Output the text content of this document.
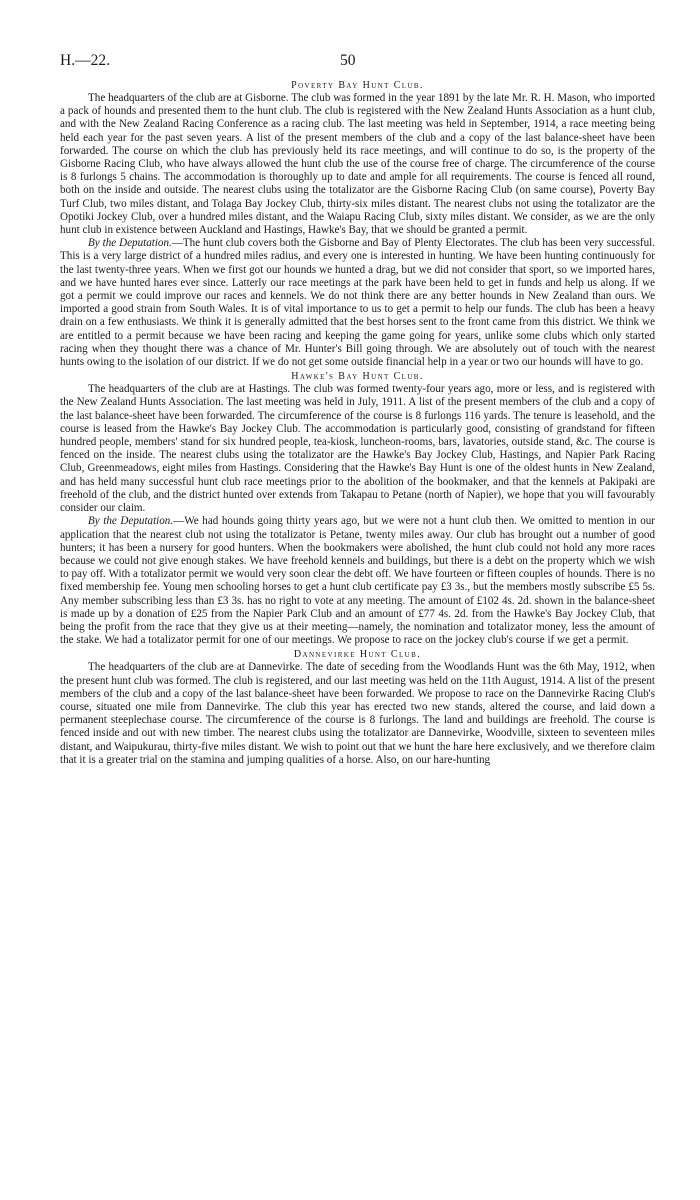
H.—22.	50
Poverty Bay Hunt Club.

The headquarters of the club are at Gisborne. The club was formed in the year 1891 by the late Mr. R. H. Mason, who imported a pack of hounds and presented them to the hunt club. The club is registered with the New Zealand Hunts Association as a hunt club, and with the New Zealand Racing Conference as a racing club. The last meeting was held in September, 1914, a race meeting being held each year for the past seven years. A list of the present members of the club and a copy of the last balance-sheet have been forwarded. The course on which the club has previously held its race meetings, and will continue to do so, is the property of the Gisborne Racing Club, who have always allowed the hunt club the use of the course free of charge. The circumference of the course is 8 furlongs 5 chains. The accommodation is thoroughly up to date and ample for all requirements. The course is fenced all round, both on the inside and outside. The nearest clubs using the totalizator are the Gisborne Racing Club (on same course), Poverty Bay Turf Club, two miles distant, and Tolaga Bay Jockey Club, thirty-six miles distant. The nearest clubs not using the totalizator are the Opotiki Jockey Club, over a hundred miles distant, and the Waiapu Racing Club, sixty miles distant. We consider, as we are the only hunt club in existence between Auckland and Hastings, Hawke's Bay, that we should be granted a permit.

By the Deputation.—The hunt club covers both the Gisborne and Bay of Plenty Electorates. The club has been very successful. This is a very large district of a hundred miles radius, and every one is interested in hunting. We have been hunting continuously for the last twenty-three years. When we first got our hounds we hunted a drag, but we did not consider that sport, so we imported hares, and we have hunted hares ever since. Latterly our race meetings at the park have been held to get in funds and help us along. If we got a permit we could improve our races and kennels. We do not think there are any better hounds in New Zealand than ours. We imported a good strain from South Wales. It is of vital importance to us to get a permit to help our funds. The club has been a heavy drain on a few enthusiasts. We think it is generally admitted that the best horses sent to the front came from this district. We think we are entitled to a permit because we have been racing and keeping the game going for years, unlike some clubs which only started racing when they thought there was a chance of Mr. Hunter's Bill going through. We are absolutely out of touch with the nearest hunts owing to the isolation of our district. If we do not get some outside financial help in a year or two our hounds will have to go.

Hawke's Bay Hunt Club.

The headquarters of the club are at Hastings. The club was formed twenty-four years ago, more or less, and is registered with the New Zealand Hunts Association. The last meeting was held in July, 1911. A list of the present members of the club and a copy of the last balance-sheet have been forwarded. The circumference of the course is 8 furlongs 116 yards. The tenure is leasehold, and the course is leased from the Hawke's Bay Jockey Club. The accommodation is particularly good, consisting of grandstand for fifteen hundred people, members' stand for six hundred people, tea-kiosk, luncheon-rooms, bars, lavatories, outside stand, &c. The course is fenced on the inside. The nearest clubs using the totalizator are the Hawke's Bay Jockey Club, Hastings, and Napier Park Racing Club, Greenmeadows, eight miles from Hastings. Considering that the Hawke's Bay Hunt is one of the oldest hunts in New Zealand, and has held many successful hunt club race meetings prior to the abolition of the bookmaker, and that the kennels at Pakipaki are freehold of the club, and the district hunted over extends from Takapau to Petane (north of Napier), we hope that you will favourably consider our claim.

By the Deputation.—We had hounds going thirty years ago, but we were not a hunt club then. We omitted to mention in our application that the nearest club not using the totalizator is Petane, twenty miles away. Our club has brought out a number of good hunters; it has been a nursery for good hunters. When the bookmakers were abolished, the hunt club could not hold any more races because we could not give enough stakes. We have freehold kennels and buildings, but there is a debt on the property which we wish to pay off. With a totalizator permit we would very soon clear the debt off. We have fourteen or fifteen couples of hounds. There is no fixed membership fee. Young men schooling horses to get a hunt club certificate pay £3 3s., but the members mostly subscribe £5 5s. Any member subscribing less than £3 3s. has no right to vote at any meeting. The amount of £102 4s. 2d. shown in the balance-sheet is made up by a donation of £25 from the Napier Park Club and an amount of £77 4s. 2d. from the Hawke's Bay Jockey Club, that being the profit from the race that they give us at their meeting—namely, the nomination and totalizator money, less the amount of the stake. We had a totalizator permit for one of our meetings. We propose to race on the jockey club's course if we get a permit.

Dannevirke Hunt Club.

The headquarters of the club are at Dannevirke. The date of seceding from the Woodlands Hunt was the 6th May, 1912, when the present hunt club was formed. The club is registered, and our last meeting was held on the 11th August, 1914. A list of the present members of the club and a copy of the last balance-sheet have been forwarded. We propose to race on the Dannevirke Racing Club's course, situated one mile from Dannevirke. The club this year has erected two new stands, altered the course, and laid down a permanent steeplechase course. The circumference of the course is 8 furlongs. The land and buildings are freehold. The course is fenced inside and out with new timber. The nearest clubs using the totalizator are Dannevirke, Woodville, sixteen to seventeen miles distant, and Waipukurau, thirty-five miles distant. We wish to point out that we hunt the hare here exclusively, and we therefore claim that it is a greater trial on the stamina and jumping qualities of a horse. Also, on our hare-hunting
